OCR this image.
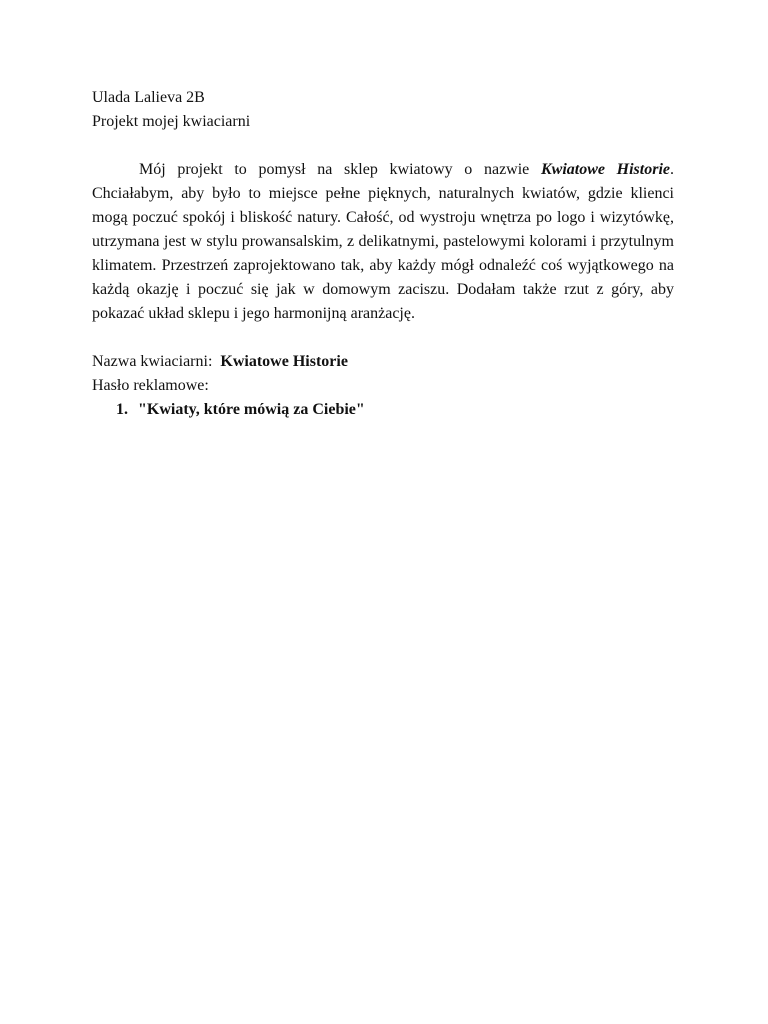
Ulada Lalieva 2B

Projekt mojej kwiaciarni

Mój projekt to pomysł na sklep kwiatowy o nazwie Kwiatowe Historie. Chciałabym, aby było to miejsce pełne pięknych, naturalnych kwiatów, gdzie klienci mogą poczuć spokój i bliskość natury. Całość, od wystroju wnętrza po logo i wizytówkę, utrzymana jest w stylu prowansalskim, z delikatnymi, pastelowymi kolorami i przytulnym klimatem. Przestrzeń zaprojektowano tak, aby każdy mógł odnaleźć coś wyjątkowego na każdą okazję i poczuć się jak w domowym zaciszu. Dodałam także rzut z góry, aby pokazać układ sklepu i jego harmonijną aranżację.

Nazwa kwiaciarni: Kwiatowe Historie

Hasło reklamowe:

1. "Kwiaty, które mówią za Ciebie"
